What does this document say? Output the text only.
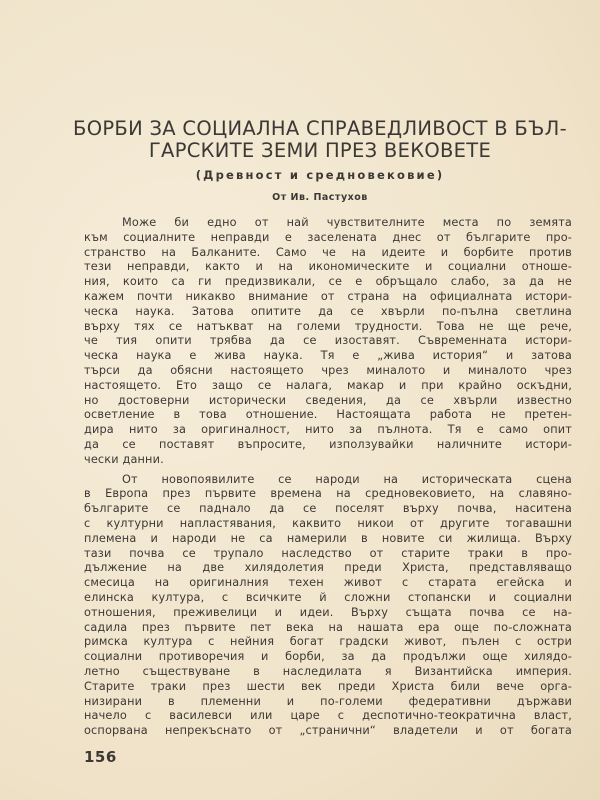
БОРБИ ЗА СОЦИАЛНА СПРАВЕДЛИВОСТ В БЪЛ-
ГАРСКИТЕ ЗЕМИ ПРЕЗ ВЕКОВЕТЕ
(Древност и средновековие)
От Ив. Пастухов
Може би едно от най чувствителните места по земята
към социалните неправди е заселената днес от българите про-
странство на Балканите. Само че на идеите и борбите против
тези неправди, както и на икономическите и социални отноше-
ния, които са ги предизвикали, се е обръщало слабо, за да не
кажем почти никакво внимание от страна на официалната истори-
ческа наука. Затова опитите да се хвърли по-пълна светлина
върху тях се натъкват на големи трудности. Това не ще рече,
че тия опити трябва да се изоставят. Съвременната истори-
ческа наука е жива наука. Тя е „жива история“ и затова
търси да обясни настоящето чрез миналото и миналото чрез
настоящето. Ето защо се налага, макар и при крайно оскъдни,
но достоверни исторически сведения, да се хвърли известно
осветление в това отношение. Настоящата работа не претен-
дира нито за оригиналност, нито за пълнота. Тя е само опит
да се поставят въпросите, използувайки наличните истори-
чески данни.
От новопоявилите се народи на историческата сцена
в Европа през първите времена на средновековието, на славяно-
българите се паднало да се поселят върху почва, наситена
с културни напластявания, каквито никои от другите тогавашни
племена и народи не са намерили в новите си жилища. Върху
тази почва се трупало наследство от старите траки в про-
дължение на две хилядолетия преди Христа, представляващо
смесица на оригиналния техен живот с старата егейска и
елинска култура, с всичките й сложни стопански и социални
отношения, преживелици и идеи. Върху същата почва се на-
садила през първите пет века на нашата ера още по-сложната
римска култура с нейния богат градски живот, пълен с остри
социални противоречия и борби, за да продължи още хилядо-
летно съществуване в наследилата я Византийска империя.
Старите траки през шести век преди Христа били вече орга-
низирани в племенни и по-големи федеративни държави
начело с василевси или царе с деспотично-теократична власт,
оспорвана непрекъснато от „странични“ владетели и от богата
156
